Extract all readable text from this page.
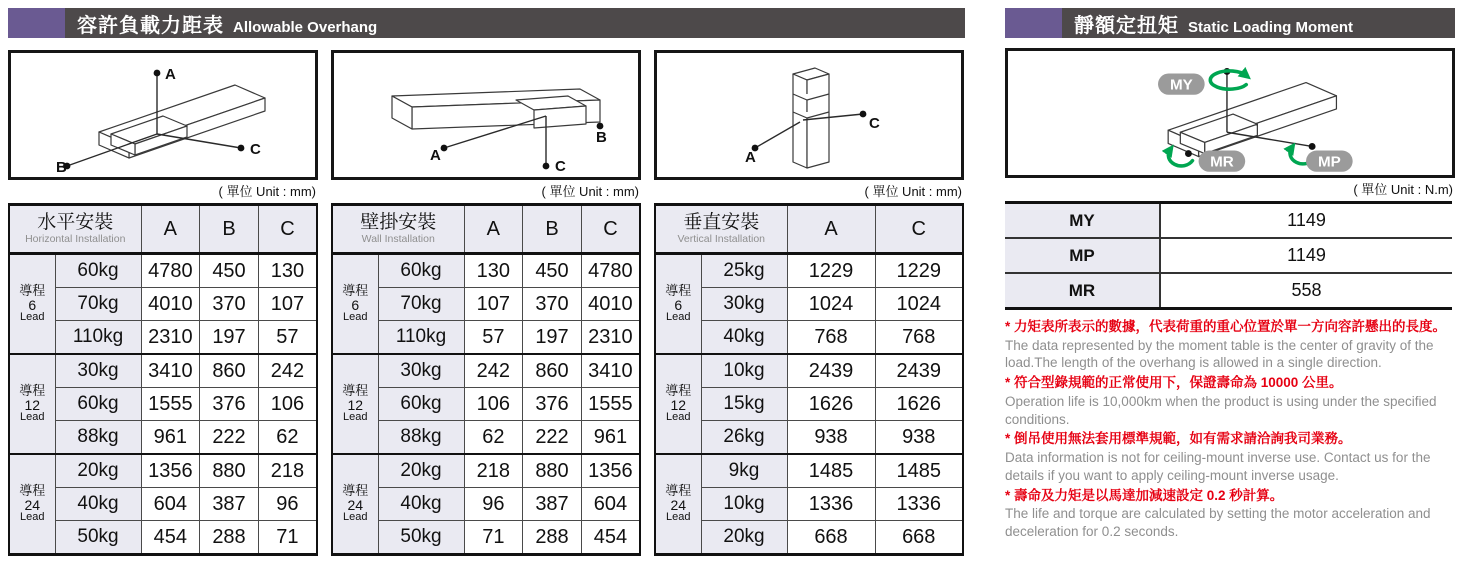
容許負載力距表 Allowable Overhang
A
B
C
( 單位 Unit : mm)
水平安裝
Horizontal Installation		A	B	C

導程
6
Lead	60kg	4780	450	130
	70kg	4010	370	107
	110kg	2310	197	57

導程
12
Lead	30kg	3410	860	242
	60kg	1555	376	106
	88kg	961	222	62

導程
24
Lead	20kg	1356	880	218
	40kg	604	387	96
	50kg	454	288	71
A
B
C
( 單位 Unit : mm)
壁掛安裝
Wall Installation		A	B	C

導程
6
Lead	60kg	130	450	4780
	70kg	107	370	4010
	110kg	57	197	2310

導程
12
Lead	30kg	242	860	3410
	60kg	106	376	1555
	88kg	62	222	961

導程
24
Lead	20kg	218	880	1356
	40kg	96	387	604
	50kg	71	288	454
A
C
( 單位 Unit : mm)
垂直安裝
Vertical Installation		A	C

導程
6
Lead	25kg	1229	1229
	30kg	1024	1024
	40kg	768	768

導程
12
Lead	10kg	2439	2439
	15kg	1626	1626
	26kg	938	938

導程
24
Lead	9kg	1485	1485
	10kg	1336	1336
	20kg	668	668
靜額定扭矩 Static Loading Moment
MY
MP
MR
( 單位 Unit : N.m)
MY	1149
MP	1149
MR	558
* 力矩表所表示的數據，代表荷重的重心位置於單一方向容許懸出的長度。
The data represented by the moment table is the center of gravity of the load.The length of the overhang is allowed in a single direction.
* 符合型錄規範的正常使用下，保證壽命為 10000 公里。
Operation life is 10,000km when the product is using under the specified conditions.
* 倒吊使用無法套用標準規範，如有需求請洽詢我司業務。
Data information is not for ceiling-mount inverse use. Contact us for the details if you want to apply ceiling-mount inverse usage.
* 壽命及力矩是以馬達加減速設定 0.2 秒計算。
The life and torque are calculated by setting the motor acceleration and deceleration for 0.2 seconds.
